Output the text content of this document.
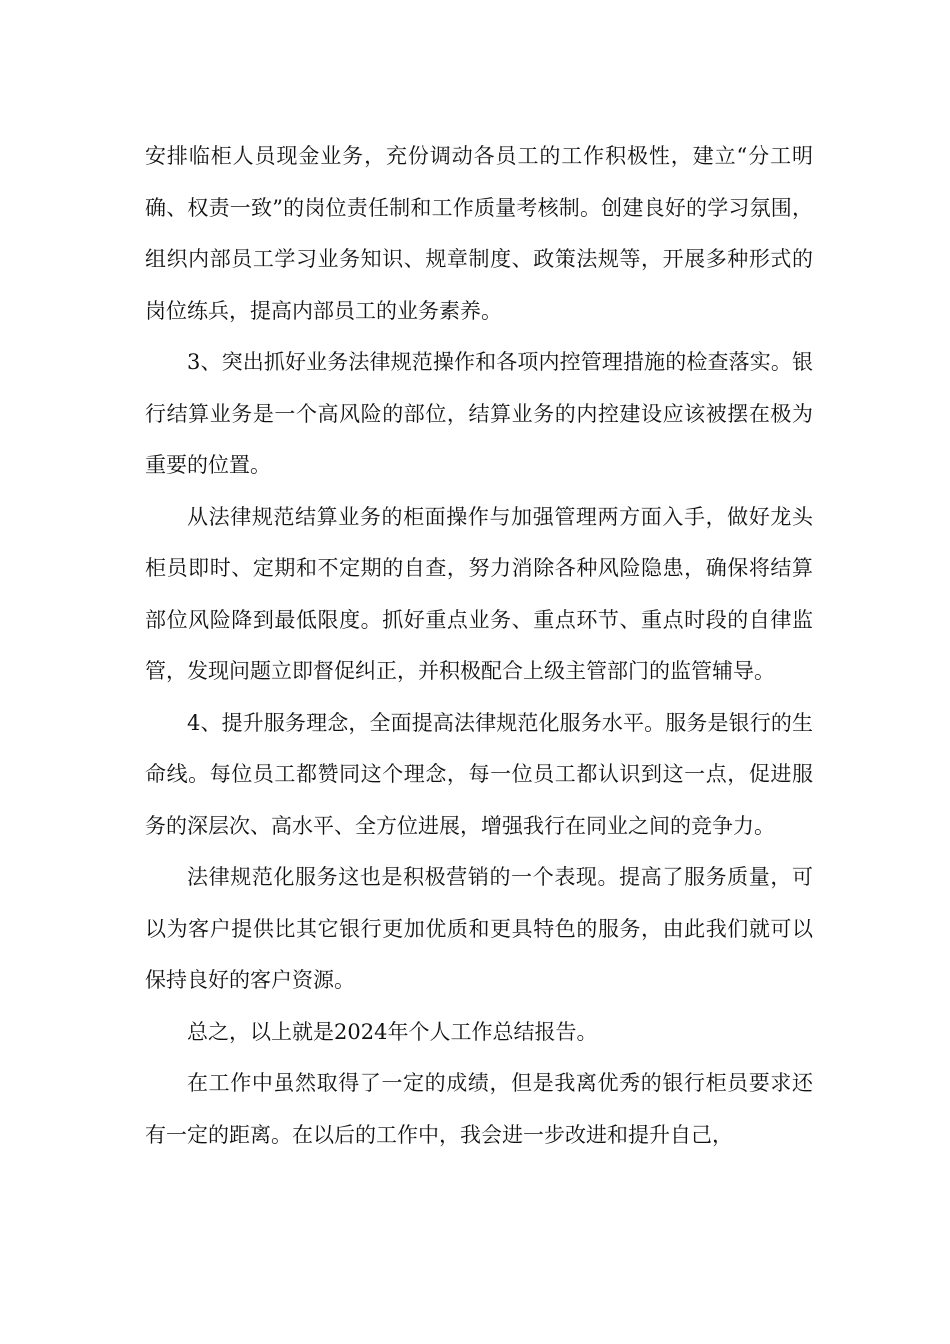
安排临柜人员现金业务，充份调动各员工的工作积极性，建立“分工明确、权责一致”的岗位责任制和工作质量考核制。创建良好的学习氛围，组织内部员工学习业务知识、规章制度、政策法规等，开展多种形式的岗位练兵，提高内部员工的业务素养。

3、突出抓好业务法律规范操作和各项内控管理措施的检查落实。银行结算业务是一个高风险的部位，结算业务的内控建设应该被摆在极为重要的位置。

从法律规范结算业务的柜面操作与加强管理两方面入手，做好龙头柜员即时、定期和不定期的自查，努力消除各种风险隐患，确保将结算部位风险降到最低限度。抓好重点业务、重点环节、重点时段的自律监管，发现问题立即督促纠正，并积极配合上级主管部门的监管辅导。

4、提升服务理念，全面提高法律规范化服务水平。服务是银行的生命线。每位员工都赞同这个理念，每一位员工都认识到这一点，促进服务的深层次、高水平、全方位进展，增强我行在同业之间的竞争力。

法律规范化服务这也是积极营销的一个表现。提高了服务质量，可以为客户提供比其它银行更加优质和更具特色的服务，由此我们就可以保持良好的客户资源。

总之，以上就是2024年个人工作总结报告。

在工作中虽然取得了一定的成绩，但是我离优秀的银行柜员要求还有一定的距离。在以后的工作中，我会进一步改进和提升自己，
